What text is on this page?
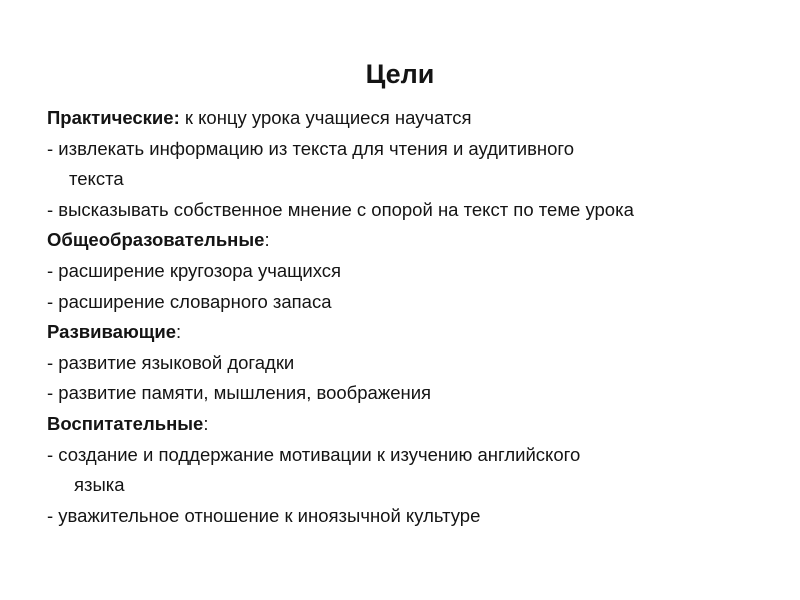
Цели
Практические: к концу урока учащиеся научатся
- извлекать информацию из текста для чтения и аудитивного
текста
- высказывать собственное мнение с опорой на текст по теме урока
Общеобразовательные:
- расширение кругозора учащихся
- расширение словарного запаса
Развивающие:
- развитие языковой догадки
- развитие памяти, мышления, воображения
Воспитательные:
- создание и поддержание мотивации к изучению английского
языка
- уважительное отношение к иноязычной культуре
